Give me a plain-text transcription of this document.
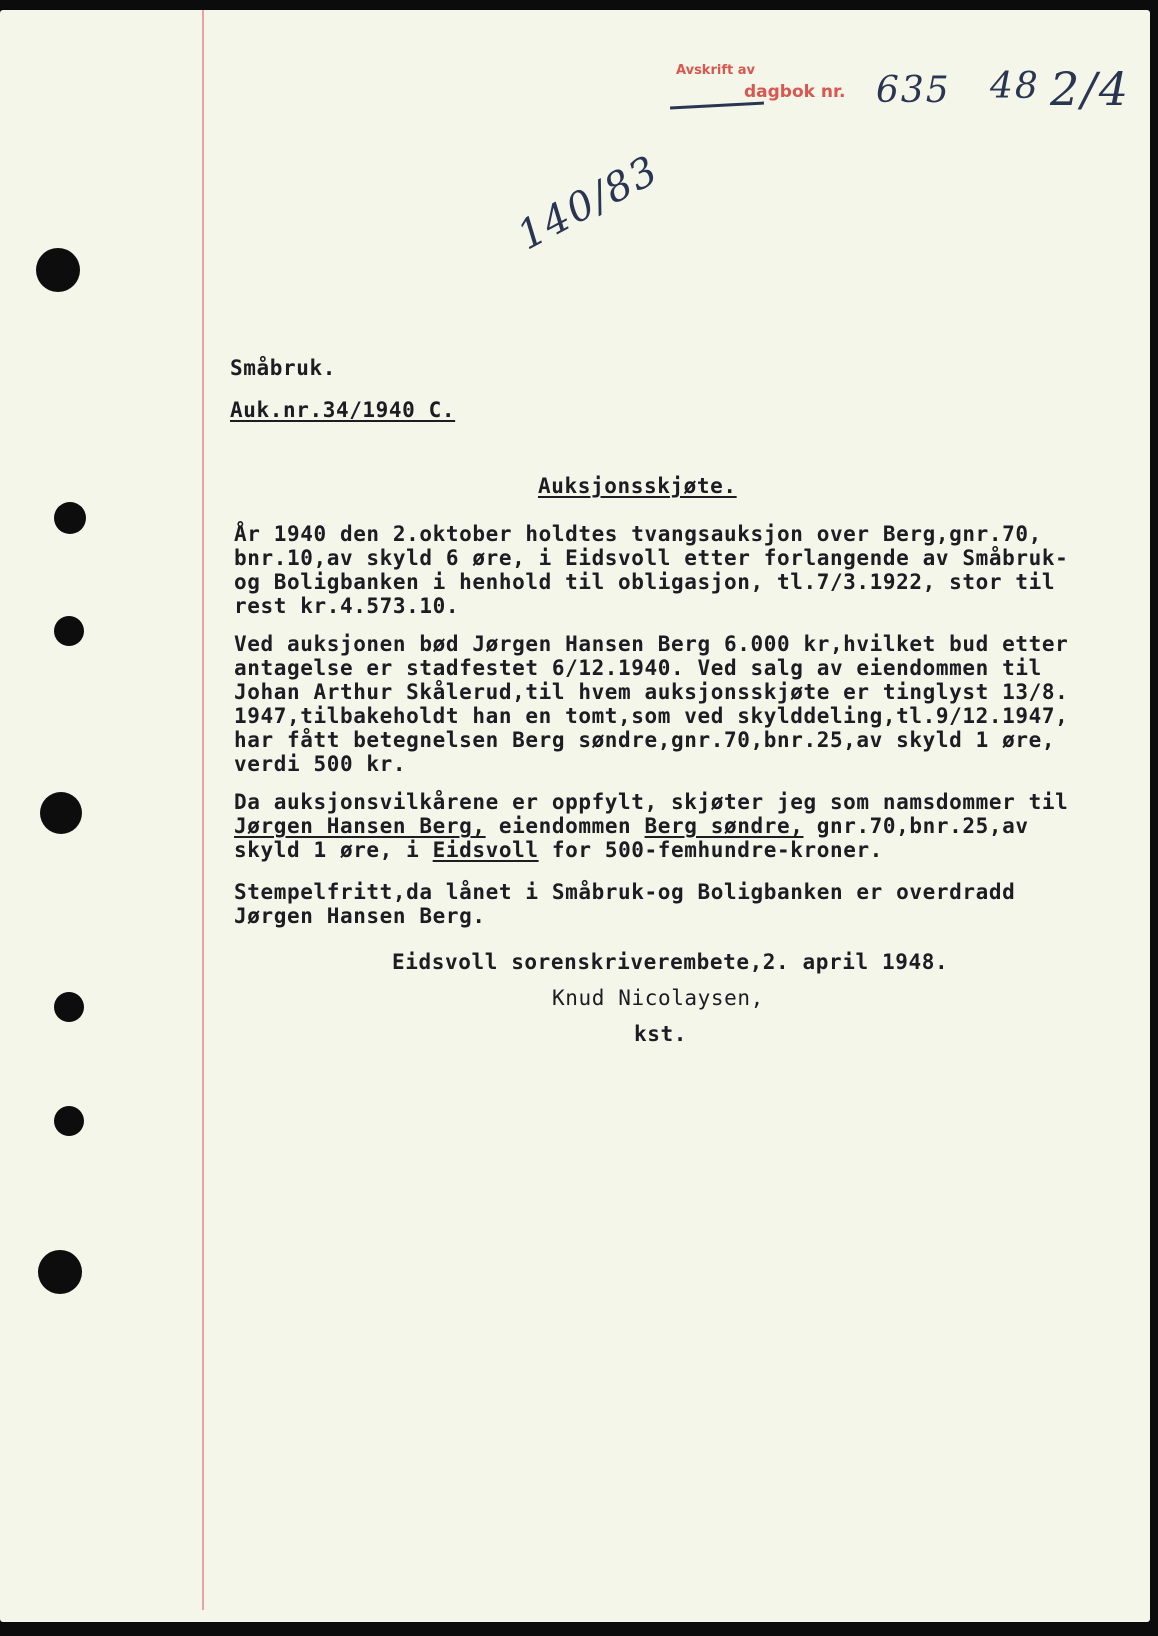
Avskrift av
dagbok nr. 635 48 2/4
140/83
Småbruk.
Auk.nr.34/1940 C.
Auksjonsskjøte.
År 1940 den 2.oktober holdtes tvangsauksjon over Berg,gnr.70,
bnr.10,av skyld 6 øre, i Eidsvoll etter forlangende av Småbruk-
og Boligbanken i henhold til obligasjon, tl.7/3.1922, stor til
rest kr.4.573.10.
Ved auksjonen bød Jørgen Hansen Berg 6.000 kr,hvilket bud etter
antagelse er stadfestet 6/12.1940. Ved salg av eiendommen til
Johan Arthur Skålerud,til hvem auksjonsskjøte er tinglyst 13/8.
1947,tilbakeholdt han en tomt,som ved skylddeling,tl.9/12.1947,
har fått betegnelsen Berg søndre,gnr.70,bnr.25,av skyld 1 øre,
verdi 500 kr.
Da auksjonsvilkårene er oppfylt, skjøter jeg som namsdommer til
Jørgen Hansen Berg, eiendommen Berg søndre, gnr.70,bnr.25,av
skyld 1 øre, i Eidsvoll for 500-femhundre-kroner.
Stempelfritt,da lånet i Småbruk-og Boligbanken er overdradd
Jørgen Hansen Berg.
Eidsvoll sorenskriverembete,2. april 1948.
Knud Nicolaysen,
kst.
